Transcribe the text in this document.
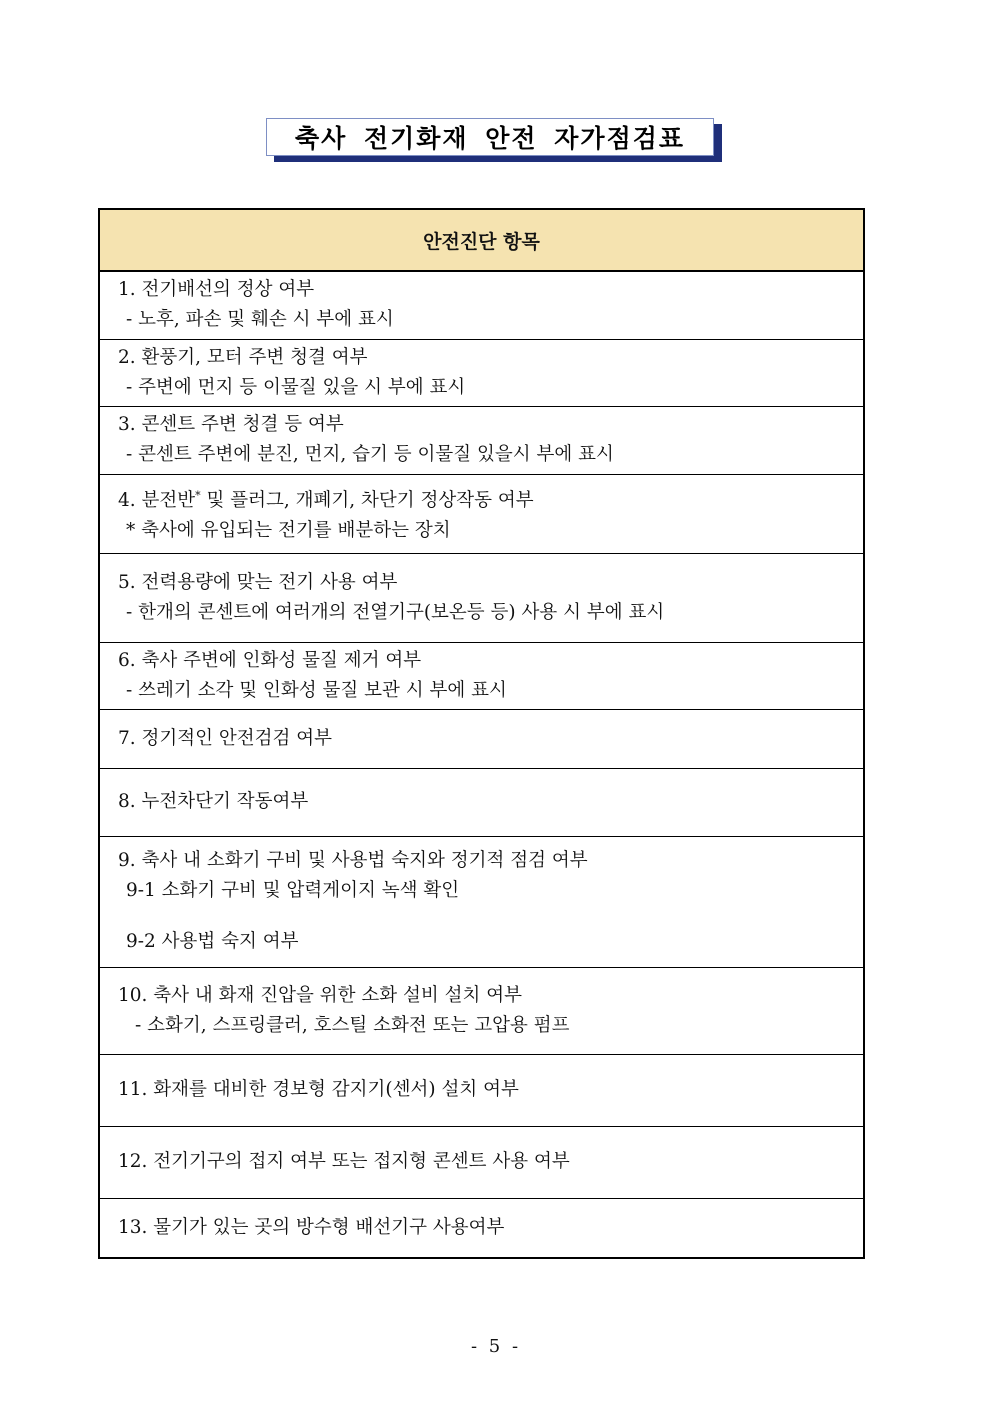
축사 전기화재 안전 자가점검표
안전진단 항목

1. 전기배선의 정상 여부
- 노후, 파손 및 훼손 시 부에 표시

2. 환풍기, 모터 주변 청결 여부
- 주변에 먼지 등 이물질 있을 시 부에 표시

3. 콘센트 주변 청결 등 여부
- 콘센트 주변에 분진, 먼지, 습기 등 이물질 있을시 부에 표시

4. 분전반* 및 플러그, 개폐기, 차단기 정상작동 여부
* 축사에 유입되는 전기를 배분하는 장치

5. 전력용량에 맞는 전기 사용 여부
- 한개의 콘센트에 여러개의 전열기구(보온등 등) 사용 시 부에 표시

6. 축사 주변에 인화성 물질 제거 여부
- 쓰레기 소각 및 인화성 물질 보관 시 부에 표시

7. 정기적인 안전검검 여부

8. 누전차단기 작동여부

9. 축사 내 소화기 구비 및 사용법 숙지와 정기적 점검 여부
9-1 소화기 구비 및 압력게이지 녹색 확인
9-2 사용법 숙지 여부

10. 축사 내 화재 진압을 위한 소화 설비 설치 여부
- 소화기, 스프링클러, 호스틸 소화전 또는 고압용 펌프

11. 화재를 대비한 경보형 감지기(센서) 설치 여부

12. 전기기구의 접지 여부 또는 접지형 콘센트 사용 여부

13. 물기가 있는 곳의 방수형 배선기구 사용여부
- 5 -
